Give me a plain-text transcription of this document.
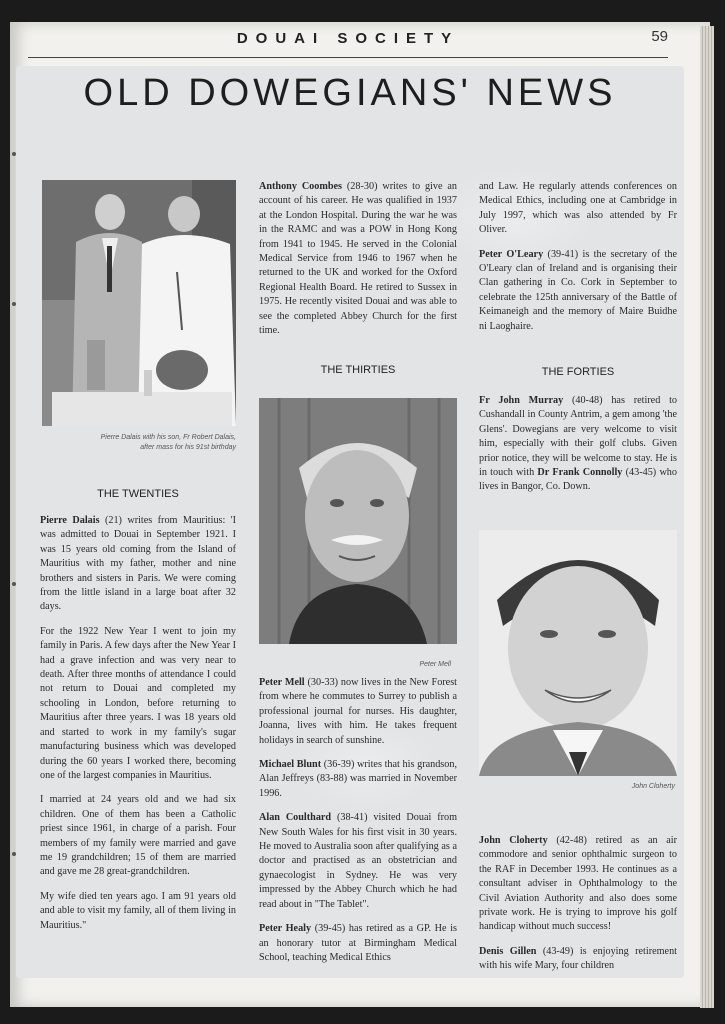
DOUAI SOCIETY	59
OLD DOWEGIANS' NEWS
Pierre Dalais with his son, Fr Robert Dalais,
after mass for his 91st birthday
THE TWENTIES

Pierre Dalais (21) writes from Mauritius: 'I was admitted to Douai in September 1921. I was 15 years old coming from the Island of Mauritius with my father, mother and nine brothers and sisters in Paris. We were coming from the little island in a large boat after 32 days.

For the 1922 New Year I went to join my family in Paris. A few days after the New Year I had a grave infection and was very near to death. After three months of attendance I could not return to Douai and completed my schooling in London, before returning to Mauritius after three years. I was 18 years old and started to work in my family's sugar manufacturing business which was developed during the 60 years I worked there, becoming one of the largest companies in Mauritius.

I married at 24 years old and we had six children. One of them has been a Catholic priest since 1961, in charge of a parish. Four members of my family were married and gave me 19 grandchildren; 15 of them are married and gave me 28 great-grandchildren.

My wife died ten years ago. I am 91 years old and able to visit my family, all of them living in Mauritius."

Anthony Coombes (28-30) writes to give an account of his career. He was qualified in 1937 at the London Hospital. During the war he was in the RAMC and was a POW in Hong Kong from 1941 to 1945. He served in the Colonial Medical Service from 1946 to 1967 when he returned to the UK and worked for the Oxford Regional Health Board. He retired to Sussex in 1975. He recently visited Douai and was able to see the completed Abbey Church for the first time.

THE THIRTIES
Peter Mell

Peter Mell (30-33) now lives in the New Forest from where he commutes to Surrey to publish a professional journal for nurses. His daughter, Joanna, lives with him. He takes frequent holidays in search of sunshine.

Michael Blunt (36-39) writes that his grandson, Alan Jeffreys (83-88) was married in November 1996.

Alan Coulthard (38-41) visited Douai from New South Wales for his first visit in 30 years. He moved to Australia soon after qualifying as a doctor and practised as an obstetrician and gynaecologist in Sydney. He was very impressed by the Abbey Church which he had read about in "The Tablet".

Peter Healy (39-45) has retired as a GP. He is an honorary tutor at Birmingham Medical School, teaching Medical Ethics

and Law. He regularly attends conferences on Medical Ethics, including one at Cambridge in July 1997, which was also attended by Fr Oliver.

Peter O'Leary (39-41) is the secretary of the O'Leary clan of Ireland and is organising their Clan gathering in Co. Cork in September to celebrate the 125th anniversary of the Battle of Keimaneigh and the memory of Maire Buidhe ni Laoghaire.

THE FORTIES

Fr John Murray (40-48) has retired to Cushandall in County Antrim, a gem among 'the Glens'. Dowegians are very welcome to visit him, especially with their golf clubs. Given prior notice, they will be welcome to stay. He is in touch with Dr Frank Connolly (43-45) who lives in Bangor, Co. Down.

John Cloherty

John Cloherty (42-48) retired as an air commodore and senior ophthalmic surgeon to the RAF in December 1993. He continues as a consultant adviser in Ophthalmology to the Civil Aviation Authority and also does some private work. He is trying to improve his golf handicap without much success!

Denis Gillen (43-49) is enjoying retirement with his wife Mary, four children
